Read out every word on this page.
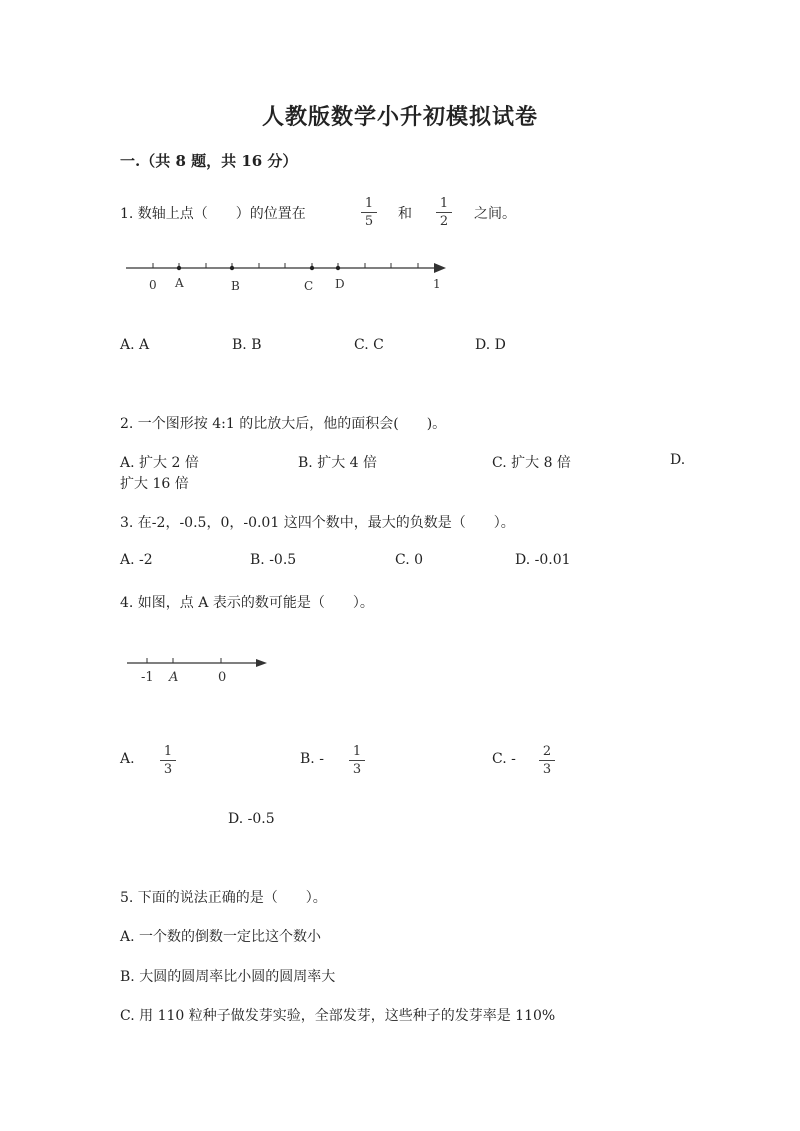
人教版数学小升初模拟试卷
一.（共 8 题，共 16 分）
1. 数轴上点（　　）的位置在
1
5 和
1
2 之间。
0 A	B	C D	1
A. A	B. B	C. C	D. D
2. 一个图形按 4:1 的比放大后，他的面积会(　　)。
A. 扩大 2 倍	B. 扩大 4 倍	C. 扩大 8 倍	D.
扩大 16 倍
3. 在-2，-0.5，0，-0.01 这四个数中，最大的负数是（　　）。
A. -2	B. -0.5	C. 0	D. -0.01
4. 如图，点 A 表示的数可能是（　　）。
-1 A	0
A. 1
3
B. - 1
3
C. - 2
3
D. -0.5
5. 下面的说法正确的是（　　）。
A. 一个数的倒数一定比这个数小
B. 大圆的圆周率比小圆的圆周率大
C. 用 110 粒种子做发芽实验，全部发芽，这些种子的发芽率是 110%
